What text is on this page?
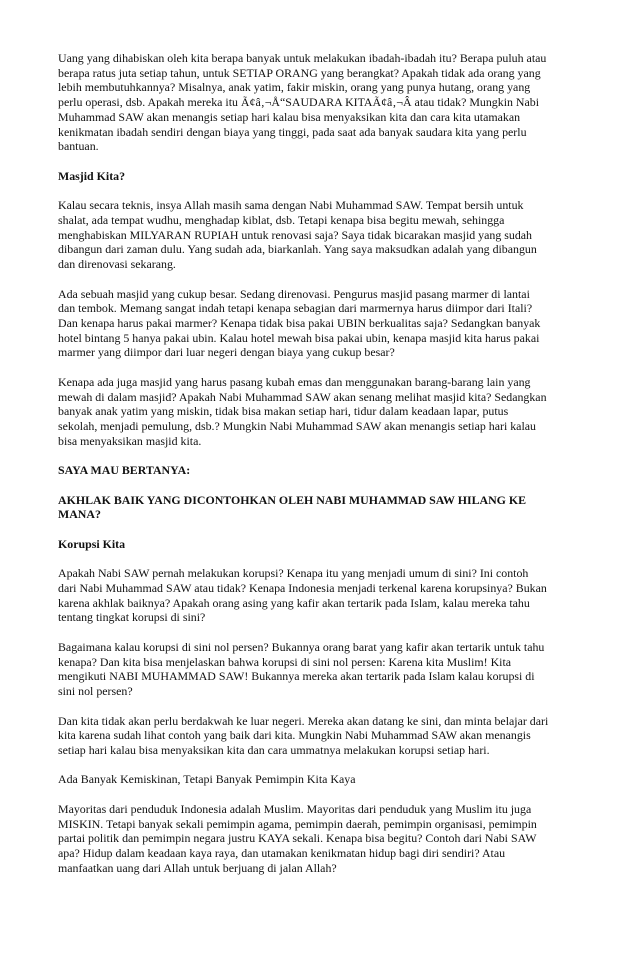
Uang yang dihabiskan oleh kita berapa banyak untuk melakukan ibadah-ibadah itu? Berapa puluh atau
berapa ratus juta setiap tahun, untuk SETIAP ORANG yang berangkat? Apakah tidak ada orang yang
lebih membutuhkannya? Misalnya, anak yatim, fakir miskin, orang yang punya hutang, orang yang
perlu operasi, dsb. Apakah mereka itu Ã¢â‚¬Å“SAUDARA KITAÃ¢â‚¬Â atau tidak? Mungkin Nabi
Muhammad SAW akan menangis setiap hari kalau bisa menyaksikan kita dan cara kita utamakan
kenikmatan ibadah sendiri dengan biaya yang tinggi, pada saat ada banyak saudara kita yang perlu
bantuan.

Masjid Kita?

Kalau secara teknis, insya Allah masih sama dengan Nabi Muhammad SAW. Tempat bersih untuk
shalat, ada tempat wudhu, menghadap kiblat, dsb. Tetapi kenapa bisa begitu mewah, sehingga
menghabiskan MILYARAN RUPIAH untuk renovasi saja? Saya tidak bicarakan masjid yang sudah
dibangun dari zaman dulu. Yang sudah ada, biarkanlah. Yang saya maksudkan adalah yang dibangun
dan direnovasi sekarang.

Ada sebuah masjid yang cukup besar. Sedang direnovasi. Pengurus masjid pasang marmer di lantai
dan tembok. Memang sangat indah tetapi kenapa sebagian dari marmernya harus diimpor dari Itali?
Dan kenapa harus pakai marmer? Kenapa tidak bisa pakai UBIN berkualitas saja? Sedangkan banyak
hotel bintang 5 hanya pakai ubin. Kalau hotel mewah bisa pakai ubin, kenapa masjid kita harus pakai
marmer yang diimpor dari luar negeri dengan biaya yang cukup besar?

Kenapa ada juga masjid yang harus pasang kubah emas dan menggunakan barang-barang lain yang
mewah di dalam masjid? Apakah Nabi Muhammad SAW akan senang melihat masjid kita? Sedangkan
banyak anak yatim yang miskin, tidak bisa makan setiap hari, tidur dalam keadaan lapar, putus
sekolah, menjadi pemulung, dsb.? Mungkin Nabi Muhammad SAW akan menangis setiap hari kalau
bisa menyaksikan masjid kita.

SAYA MAU BERTANYA:

AKHLAK BAIK YANG DICONTOHKAN OLEH NABI MUHAMMAD SAW HILANG KE
MANA?

Korupsi Kita

Apakah Nabi SAW pernah melakukan korupsi? Kenapa itu yang menjadi umum di sini? Ini contoh
dari Nabi Muhammad SAW atau tidak? Kenapa Indonesia menjadi terkenal karena korupsinya? Bukan
karena akhlak baiknya? Apakah orang asing yang kafir akan tertarik pada Islam, kalau mereka tahu
tentang tingkat korupsi di sini?

Bagaimana kalau korupsi di sini nol persen? Bukannya orang barat yang kafir akan tertarik untuk tahu
kenapa? Dan kita bisa menjelaskan bahwa korupsi di sini nol persen: Karena kita Muslim! Kita
mengikuti NABI MUHAMMAD SAW! Bukannya mereka akan tertarik pada Islam kalau korupsi di
sini nol persen?

Dan kita tidak akan perlu berdakwah ke luar negeri. Mereka akan datang ke sini, dan minta belajar dari
kita karena sudah lihat contoh yang baik dari kita. Mungkin Nabi Muhammad SAW akan menangis
setiap hari kalau bisa menyaksikan kita dan cara ummatnya melakukan korupsi setiap hari.

Ada Banyak Kemiskinan, Tetapi Banyak Pemimpin Kita Kaya

Mayoritas dari penduduk Indonesia adalah Muslim. Mayoritas dari penduduk yang Muslim itu juga
MISKIN. Tetapi banyak sekali pemimpin agama, pemimpin daerah, pemimpin organisasi, pemimpin
partai politik dan pemimpin negara justru KAYA sekali. Kenapa bisa begitu? Contoh dari Nabi SAW
apa? Hidup dalam keadaan kaya raya, dan utamakan kenikmatan hidup bagi diri sendiri? Atau
manfaatkan uang dari Allah untuk berjuang di jalan Allah?
